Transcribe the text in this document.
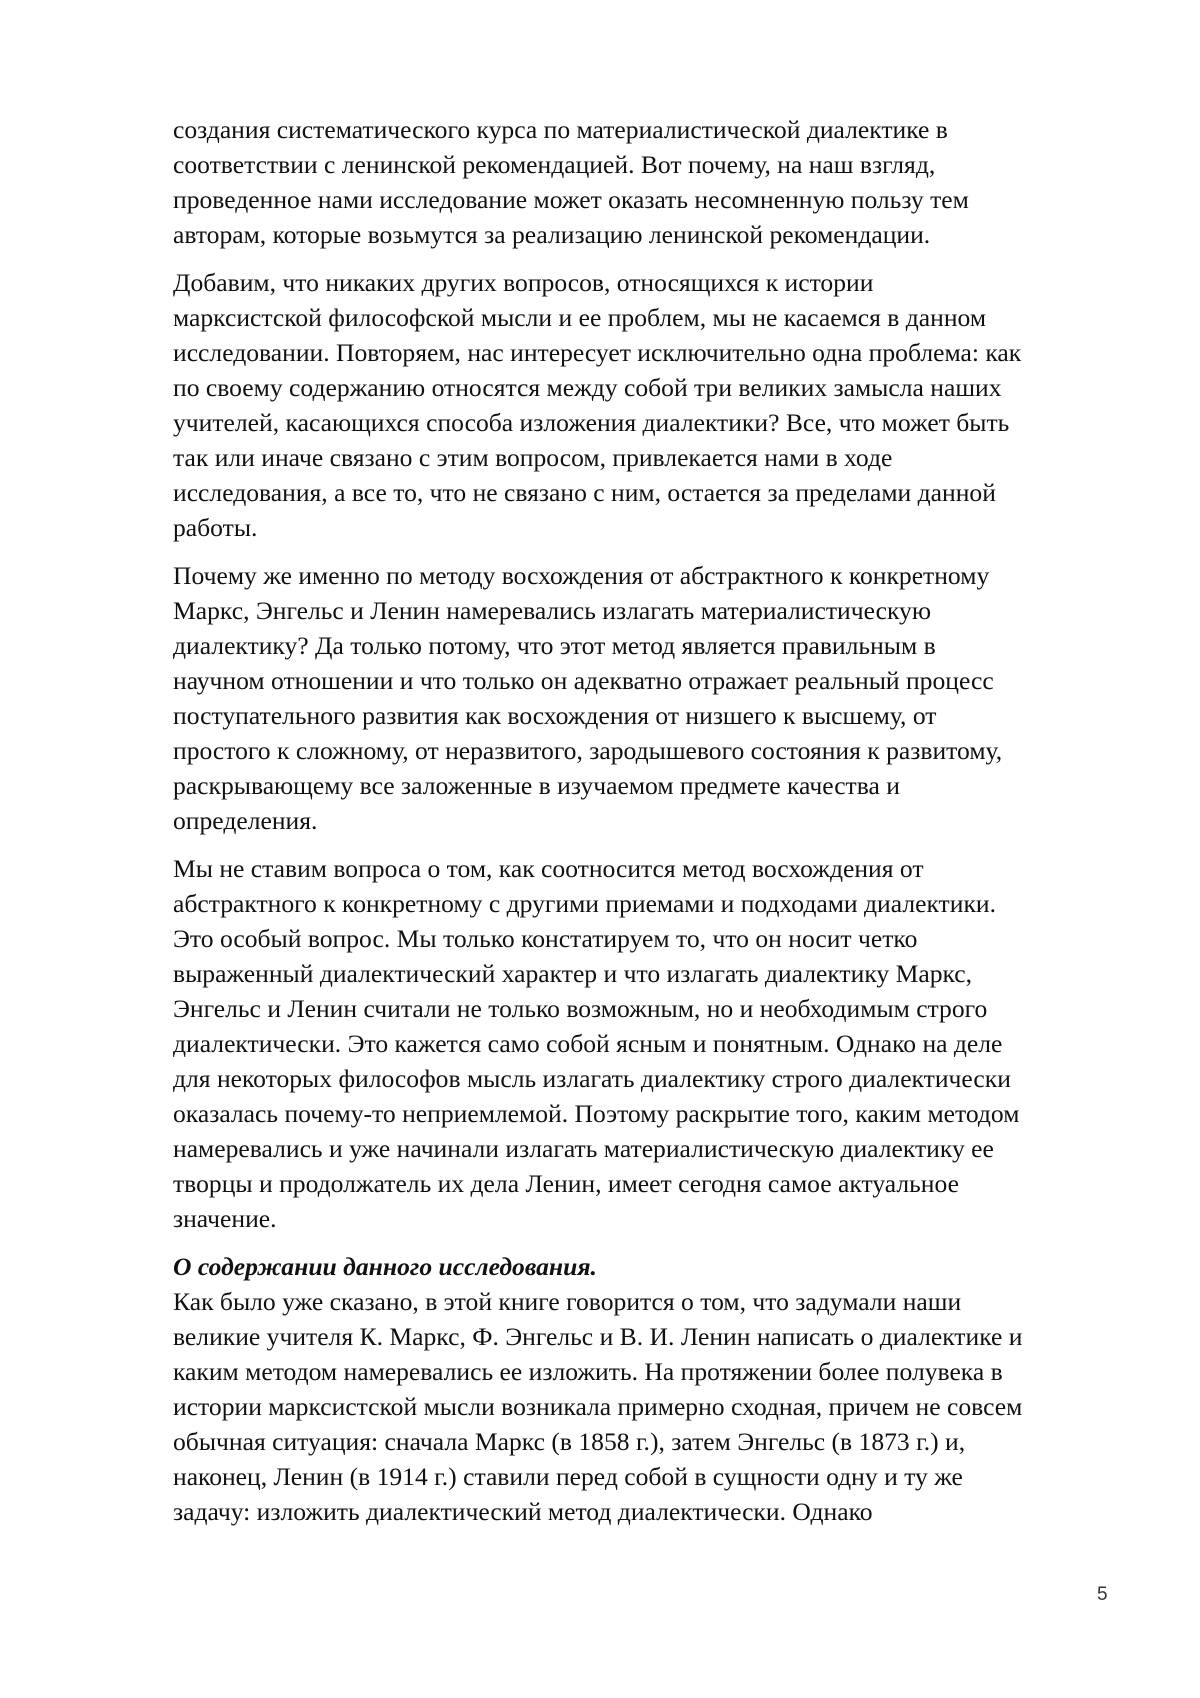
создания систематического курса по материалистической диалектике в
соответствии с ленинской рекомендацией. Вот почему, на наш взгляд,
проведенное нами исследование может оказать несомненную пользу тем
авторам, которые возьмутся за реализацию ленинской рекомендации.

Добавим, что никаких других вопросов, относящихся к истории
марксистской философской мысли и ее проблем, мы не касаемся в данном
исследовании. Повторяем, нас интересует исключительно одна проблема: как
по своему содержанию относятся между собой три великих замысла наших
учителей, касающихся способа изложения диалектики? Все, что может быть
так или иначе связано с этим вопросом, привлекается нами в ходе
исследования, а все то, что не связано с ним, остается за пределами данной
работы.

Почему же именно по методу восхождения от абстрактного к конкретному
Маркс, Энгельс и Ленин намеревались излагать материалистическую
диалектику? Да только потому, что этот метод является правильным в
научном отношении и что только он адекватно отражает реальный процесс
поступательного развития как восхождения от низшего к высшему, от
простого к сложному, от неразвитого, зародышевого состояния к развитому,
раскрывающему все заложенные в изучаемом предмете качества и
определения.

Мы не ставим вопроса о том, как соотносится метод восхождения от
абстрактного к конкретному с другими приемами и подходами диалектики.
Это особый вопрос. Мы только констатируем то, что он носит четко
выраженный диалектический характер и что излагать диалектику Маркс,
Энгельс и Ленин считали не только возможным, но и необходимым строго
диалектически. Это кажется само собой ясным и понятным. Однако на деле
для некоторых философов мысль излагать диалектику строго диалектически
оказалась почему-то неприемлемой. Поэтому раскрытие того, каким методом
намеревались и уже начинали излагать материалистическую диалектику ее
творцы и продолжатель их дела Ленин, имеет сегодня самое актуальное
значение.

О содержании данного исследования.

Как было уже сказано, в этой книге говорится о том, что задумали наши
великие учителя К. Маркс, Ф. Энгельс и В. И. Ленин написать о диалектике и
каким методом намеревались ее изложить. На протяжении более полувека в
истории марксистской мысли возникала примерно сходная, причем не совсем
обычная ситуация: сначала Маркс (в 1858 г.), затем Энгельс (в 1873 г.) и,
наконец, Ленин (в 1914 г.) ставили перед собой в сущности одну и ту же
задачу: изложить диалектический метод диалектически. Однако

5
